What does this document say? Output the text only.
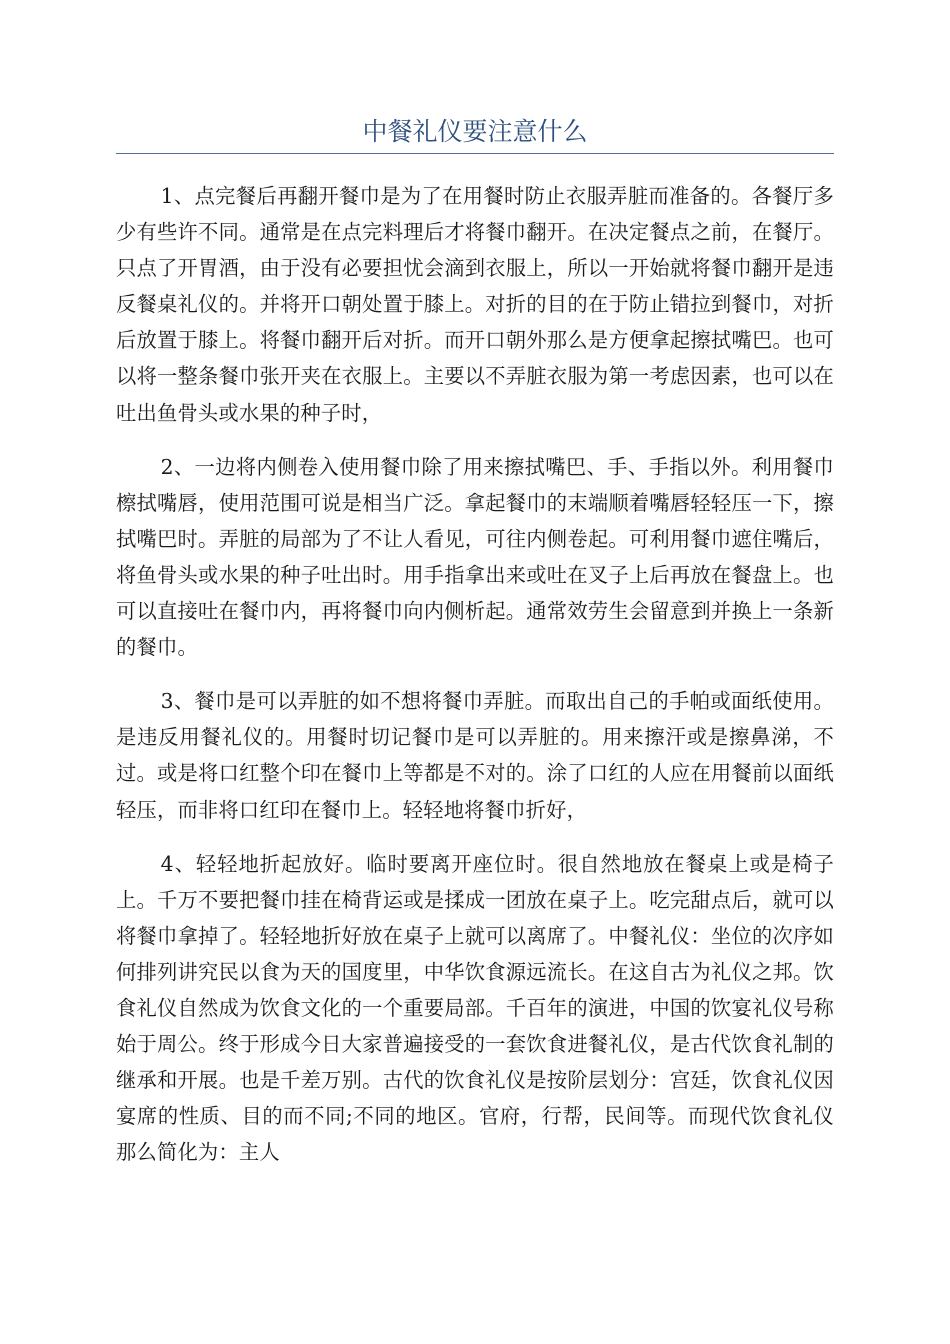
中餐礼仪要注意什么

1、点完餐后再翻开餐巾是为了在用餐时防止衣服弄脏而准备的。各餐厅多少有些许不同。通常是在点完料理后才将餐巾翻开。在决定餐点之前，在餐厅。只点了开胃酒，由于没有必要担忧会滴到衣服上，所以一开始就将餐巾翻开是违反餐桌礼仪的。并将开口朝处置于膝上。对折的目的在于防止错拉到餐巾，对折后放置于膝上。将餐巾翻开后对折。而开口朝外那么是方便拿起擦拭嘴巴。也可以将一整条餐巾张开夹在衣服上。主要以不弄脏衣服为第一考虑因素，也可以在吐出鱼骨头或水果的种子时，

2、一边将内侧卷入使用餐巾除了用来擦拭嘴巴、手、手指以外。利用餐巾檫拭嘴唇，使用范围可说是相当广泛。拿起餐巾的末端顺着嘴唇轻轻压一下，擦拭嘴巴时。弄脏的局部为了不让人看见，可往内侧卷起。可利用餐巾遮住嘴后，将鱼骨头或水果的种子吐出时。用手指拿出来或吐在叉子上后再放在餐盘上。也可以直接吐在餐巾内，再将餐巾向内侧析起。通常效劳生会留意到并换上一条新的餐巾。

3、餐巾是可以弄脏的如不想将餐巾弄脏。而取出自己的手帕或面纸使用。是违反用餐礼仪的。用餐时切记餐巾是可以弄脏的。用来擦汗或是擦鼻涕，不过。或是将口红整个印在餐巾上等都是不对的。涂了口红的人应在用餐前以面纸轻压，而非将口红印在餐巾上。轻轻地将餐巾折好，

4、轻轻地折起放好。临时要离开座位时。很自然地放在餐桌上或是椅子上。千万不要把餐巾挂在椅背运或是揉成一团放在桌子上。吃完甜点后，就可以将餐巾拿掉了。轻轻地折好放在桌子上就可以离席了。中餐礼仪：坐位的次序如何排列讲究民以食为天的国度里，中华饮食源远流长。在这自古为礼仪之邦。饮食礼仪自然成为饮食文化的一个重要局部。千百年的演进，中国的饮宴礼仪号称始于周公。终于形成今日大家普遍接受的一套饮食进餐礼仪，是古代饮食礼制的继承和开展。也是千差万别。古代的饮食礼仪是按阶层划分：宫廷，饮食礼仪因宴席的性质、目的而不同;不同的地区。官府，行帮，民间等。而现代饮食礼仪那么简化为：主人
